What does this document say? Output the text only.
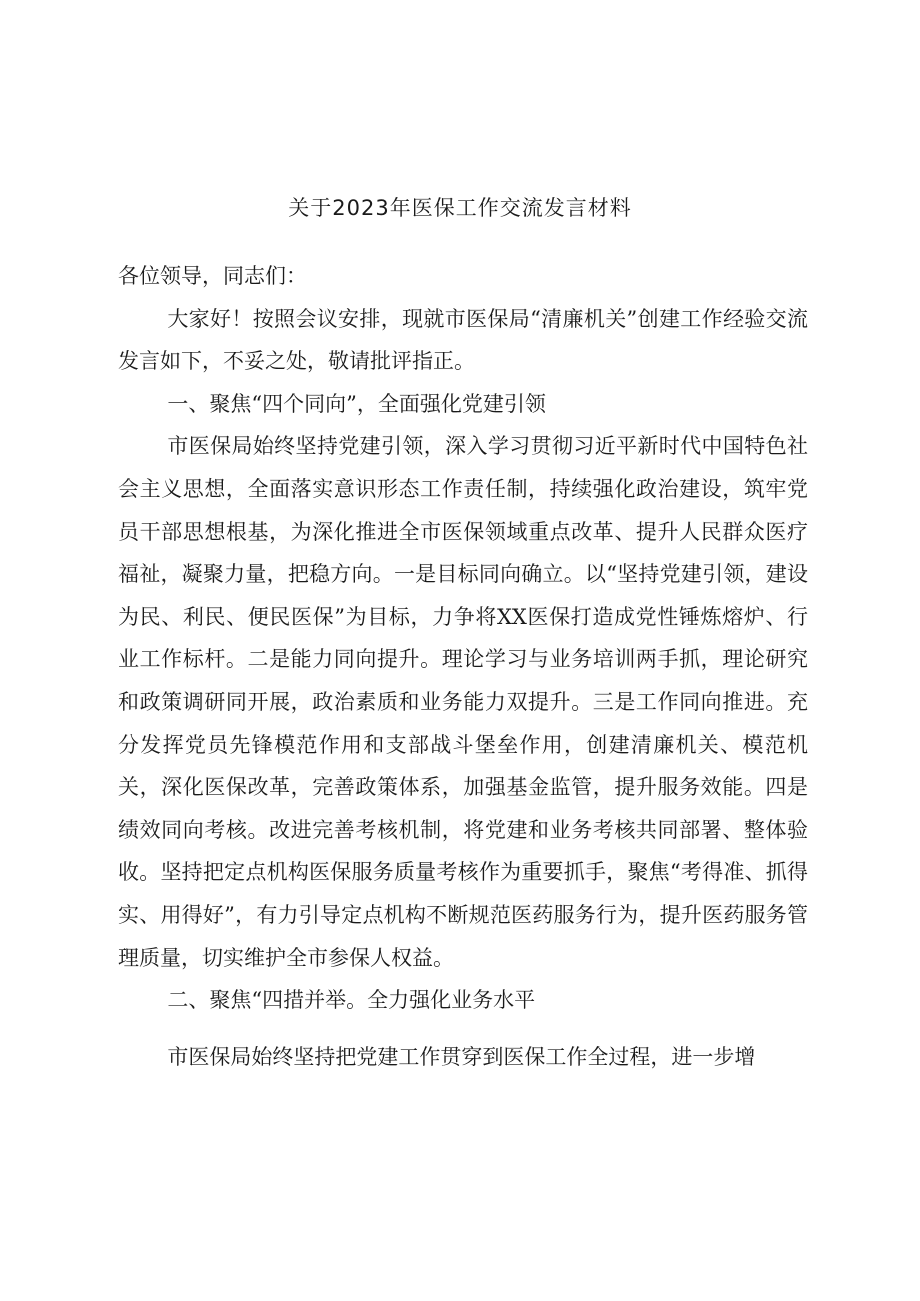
关于2023年医保工作交流发言材料

各位领导，同志们：

大家好！按照会议安排，现就市医保局“清廉机关”创建工作经验交流发言如下，不妥之处，敬请批评指正。

一、聚焦“四个同向”，全面强化党建引领

市医保局始终坚持党建引领，深入学习贯彻习近平新时代中国特色社会主义思想，全面落实意识形态工作责任制，持续强化政治建设，筑牢党员干部思想根基，为深化推进全市医保领域重点改革、提升人民群众医疗福祉，凝聚力量，把稳方向。一是目标同向确立。以“坚持党建引领，建设为民、利民、便民医保”为目标，力争将XX医保打造成党性锤炼熔炉、行业工作标杆。二是能力同向提升。理论学习与业务培训两手抓，理论研究和政策调研同开展，政治素质和业务能力双提升。三是工作同向推进。充分发挥党员先锋模范作用和支部战斗堡垒作用，创建清廉机关、模范机关，深化医保改革，完善政策体系，加强基金监管，提升服务效能。四是绩效同向考核。改进完善考核机制，将党建和业务考核共同部署、整体验收。坚持把定点机构医保服务质量考核作为重要抓手，聚焦“考得准、抓得实、用得好”，有力引导定点机构不断规范医药服务行为，提升医药服务管理质量，切实维护全市参保人权益。

二、聚焦“四措并举。全力强化业务水平

市医保局始终坚持把党建工作贯穿到医保工作全过程，进一步增
